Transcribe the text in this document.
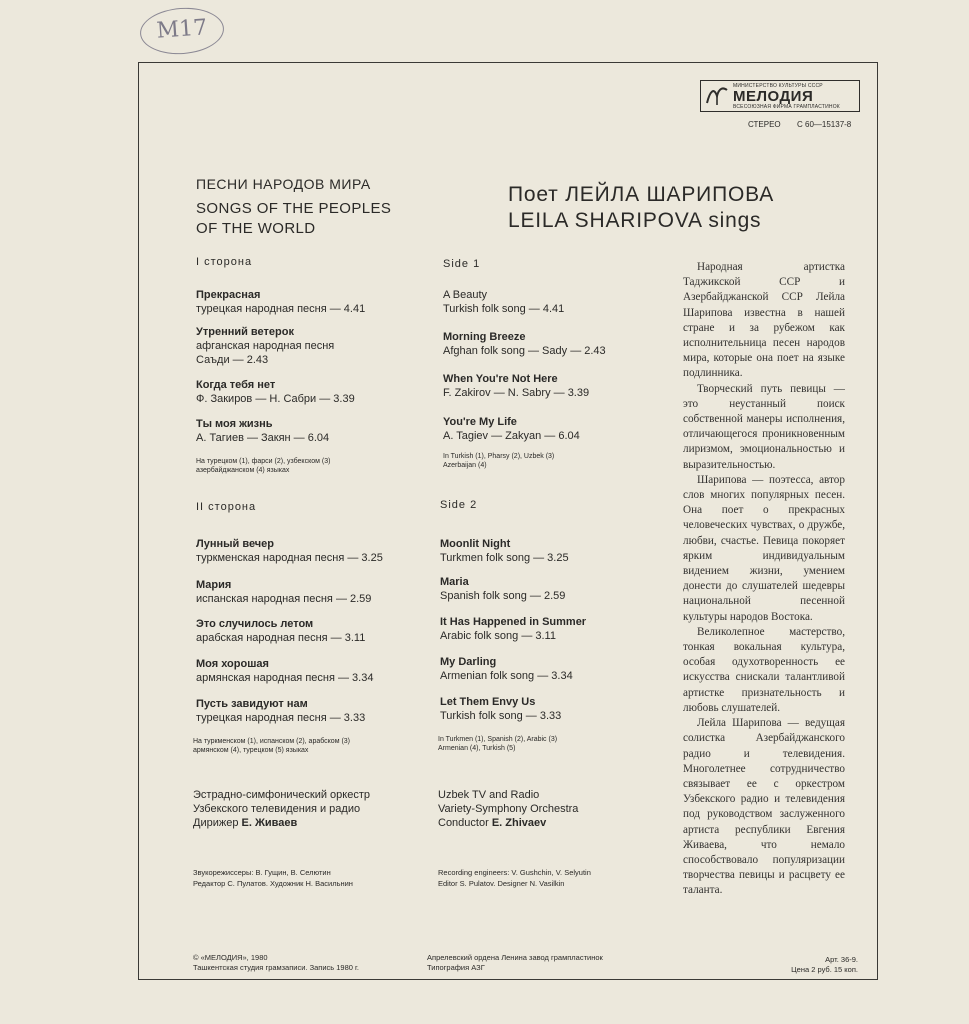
M17
МИНИСТЕРСТВО КУЛЬТУРЫ СССР
МЕЛОДИЯ
ВСЕСОЮЗНАЯ ФИРМА ГРАМПЛАСТИНОК
СТЕРЕО С 60—15137-8
ПЕСНИ НАРОДОВ МИРА
SONGS OF THE PEOPLES
OF THE WORLD
Поет ЛЕЙЛА ШАРИПОВА
LEILA SHARIPOVA sings
I сторона
Прекрасная
турецкая народная песня — 4.41
Утренний ветерок
афганская народная песня
Саъди — 2.43
Когда тебя нет
Ф. Закиров — Н. Сабри — 3.39
Ты моя жизнь
А. Тагиев — Закян — 6.04
На турецком (1), фарси (2), узбекском (3)
азербайджанском (4) языках
Side 1
A Beauty
Turkish folk song — 4.41
Morning Breeze
Afghan folk song — Sady — 2.43
When You're Not Here
F. Zakirov — N. Sabry — 3.39
You're My Life
A. Tagiev — Zakyan — 6.04
In Turkish (1), Pharsy (2), Uzbek (3)
Azerbaijan (4)
II сторона
Лунный вечер
туркменская народная песня — 3.25
Мария
испанская народная песня — 2.59
Это случилось летом
арабская народная песня — 3.11
Моя хорошая
армянская народная песня — 3.34
Пусть завидуют нам
турецкая народная песня — 3.33
На туркменском (1), испанском (2), арабском (3)
армянском (4), турецком (5) языках
Side 2
Moonlit Night
Turkmen folk song — 3.25
Maria
Spanish folk song — 2.59
It Has Happened in Summer
Arabic folk song — 3.11
My Darling
Armenian folk song — 3.34
Let Them Envy Us
Turkish folk song — 3.33
In Turkmen (1), Spanish (2), Arabic (3)
Armenian (4), Turkish (5)
Эстрадно-симфонический оркестр
Узбекского телевидения и радио
Дирижер Е. Живаев
Uzbek TV and Radio
Variety-Symphony Orchestra
Conductor E. Zhivaev
Звукорежиссеры: В. Гущин, В. Селютин
Редактор С. Пулатов. Художник Н. Васильнин
Recording engineers: V. Gushchin, V. Selyutin
Editor S. Pulatov. Designer N. Vasilkin

Народная артистка Таджикской ССР и Азербайджанской ССР Лейла Шарипова известна в нашей стране и за рубежом как исполнительница песен народов мира, которые она поет на языке подлинника.

Творческий путь певицы — это неустанный поиск собственной манеры исполнения, отличающегося проникновенным лиризмом, эмоциональностью и выразительностью.

Шарипова — поэтесса, автор слов многих популярных песен. Она поет о прекрасных человеческих чувствах, о дружбе, любви, счастье. Певица покоряет ярким индивидуальным видением жизни, умением донести до слушателей шедевры национальной песенной культуры народов Востока.

Великолепное мастерство, тонкая вокальная культура, особая одухотворенность ее искусства снискали талантливой артистке признательность и любовь слушателей.

Лейла Шарипова — ведущая солистка Азербайджанского радио и телевидения. Многолетнее сотрудничество связывает ее с оркестром Узбекского радио и телевидения под руководством заслуженного артиста республики Евгения Живаева, что немало способствовало популяризации творчества певицы и расцвету ее таланта.

© «МЕЛОДИЯ», 1980
Ташкентская студия грамзаписи. Запись 1980 г.
Апрелевский ордена Ленина завод грампластинок
Типография АЗГ
Арт. 36-9.
Цена 2 руб. 15 коп.
